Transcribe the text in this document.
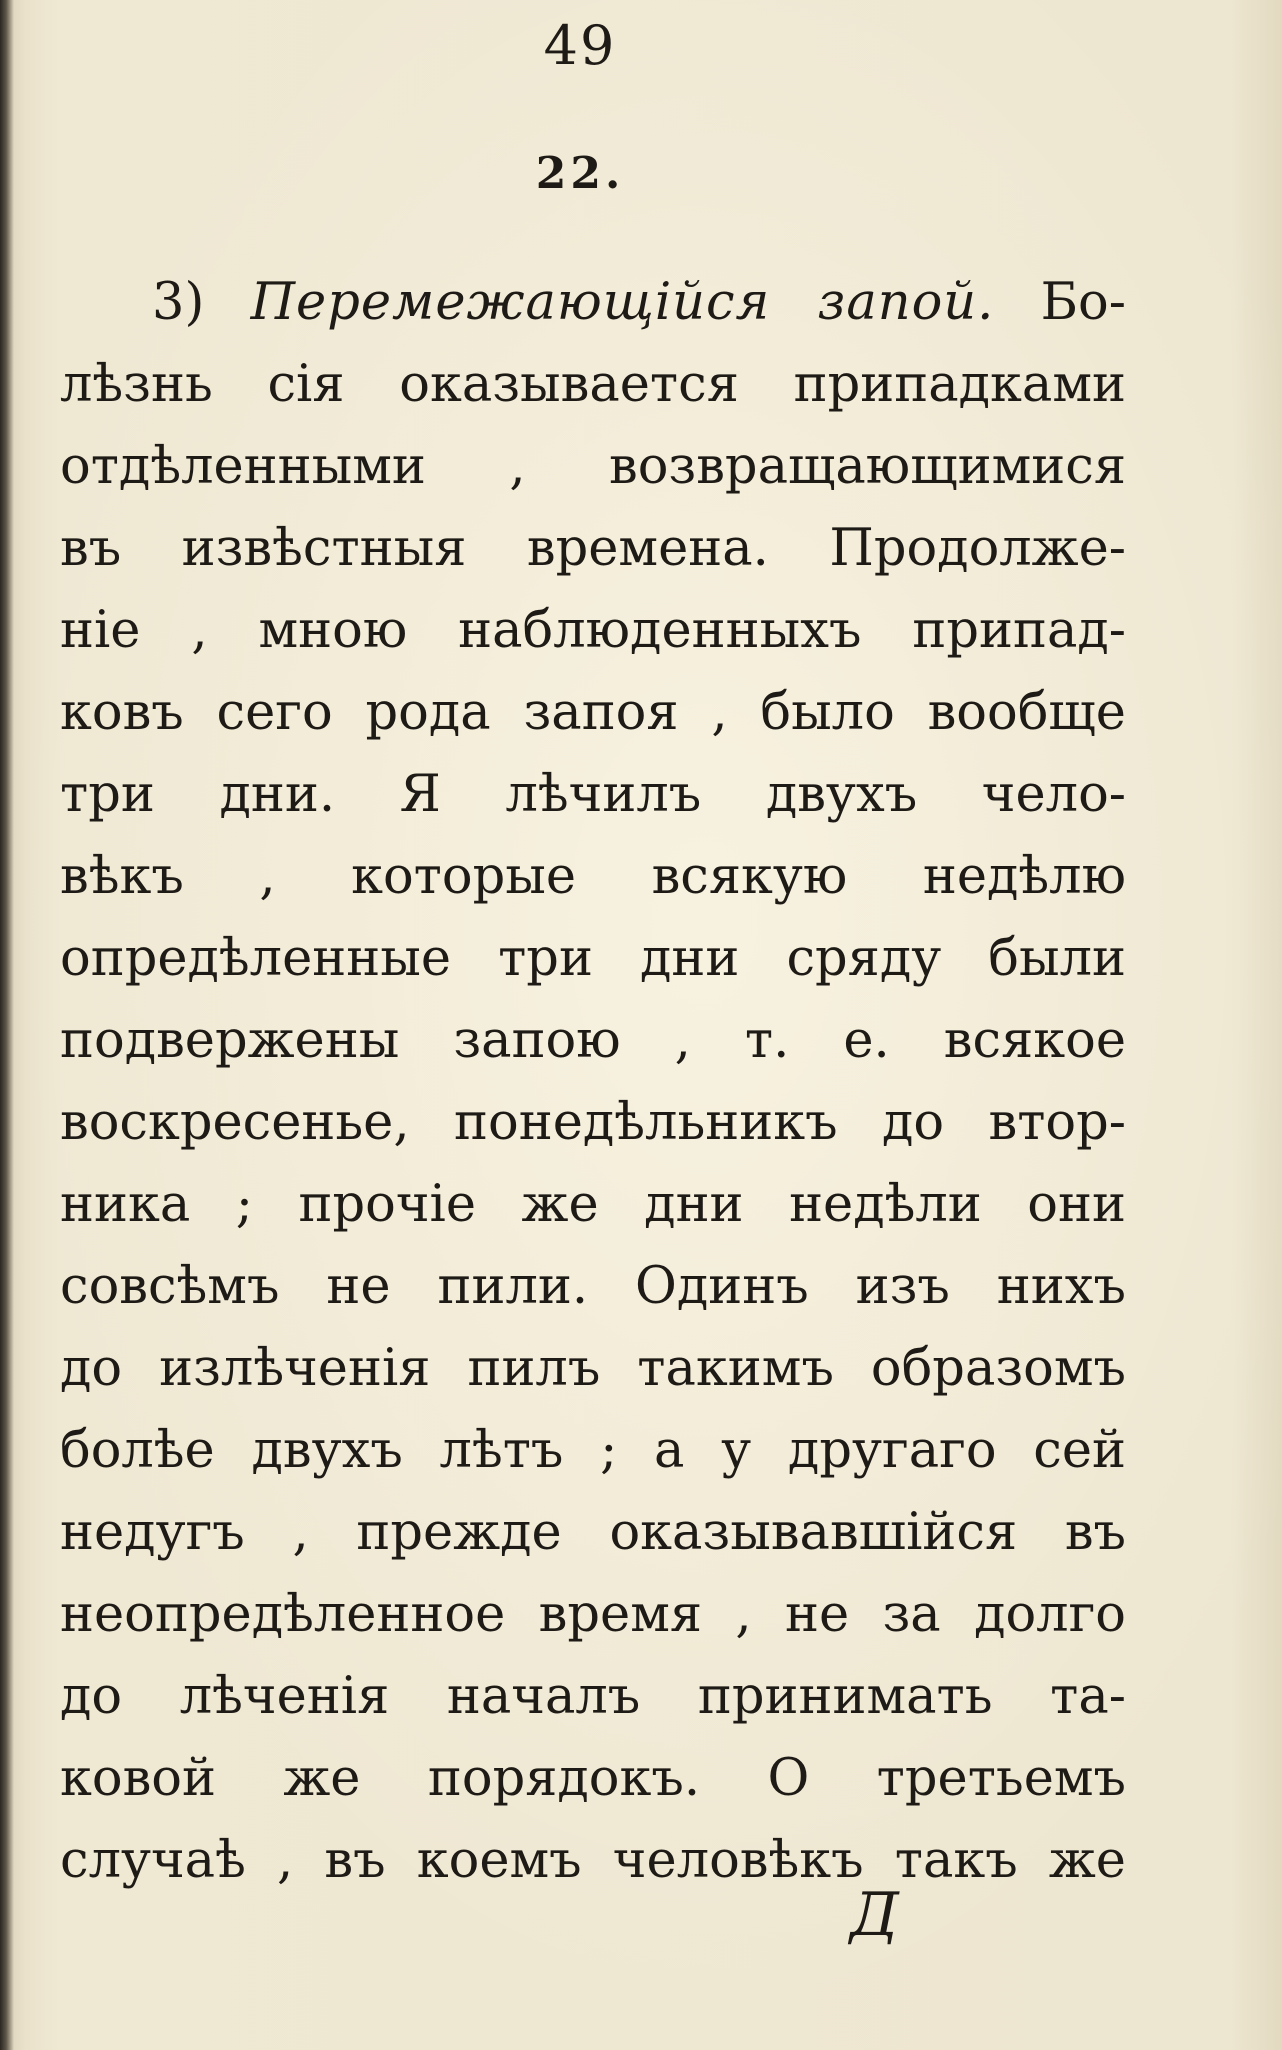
49
22.
3) Перемежающійся запой. Бо-
лѣзнь сія оказывается припадками
отдѣленными , возвращающимися
въ извѣстныя времена. Продолже-
ніе , мною наблюденныхъ припад-
ковъ сего рода запоя , было вообще
три дни. Я лѣчилъ двухъ чело-
вѣкъ , которые всякую недѣлю
опредѣленные три дни сряду были
подвержены запою , т. е. всякое
воскресенье, понедѣльникъ до втор-
ника ; прочіе же дни недѣли они
совсѣмъ не пили. Одинъ изъ нихъ
до излѣченія пилъ такимъ образомъ
болѣе двухъ лѣтъ ; а у другаго сей
недугъ , прежде оказывавшійся въ
неопредѣленное время , не за долго
до лѣченія началъ принимать та-
ковой же порядокъ. О третьемъ
случаѣ , въ коемъ человѣкъ такъ же
Д
